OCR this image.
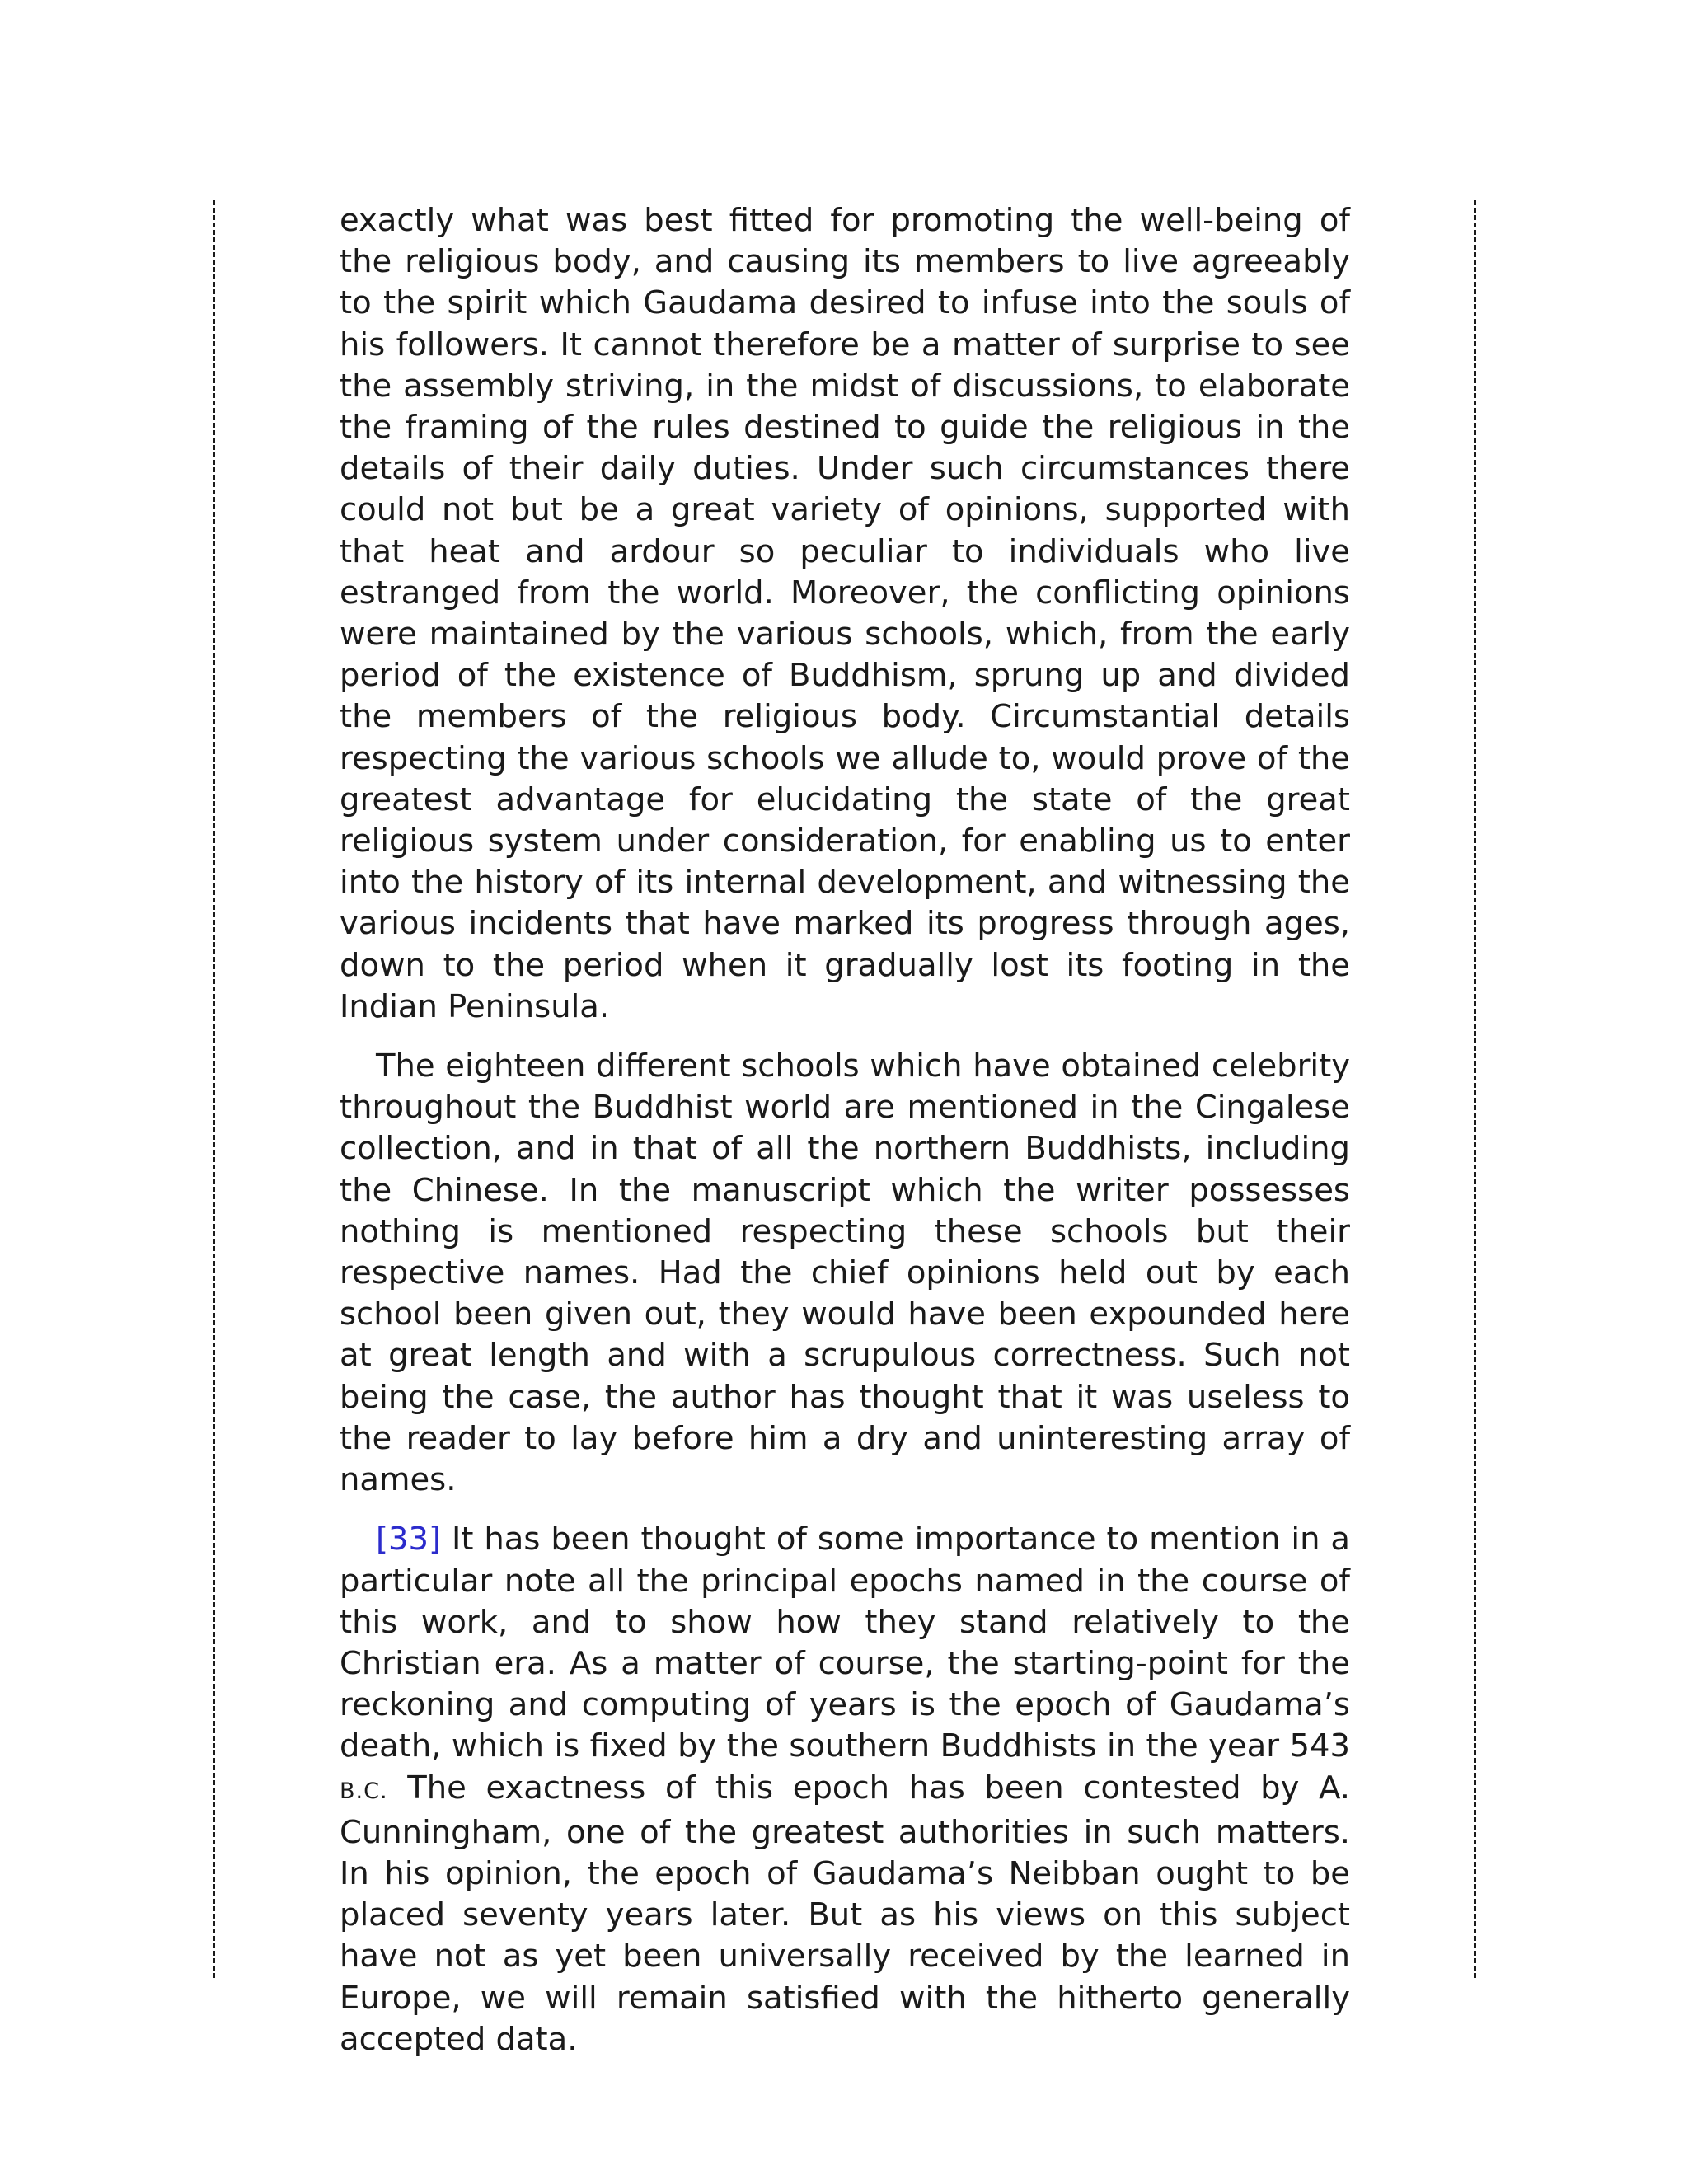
exactly what was best fitted for promoting the well-being of the religious body, and causing its members to live agreeably to the spirit which Gaudama desired to infuse into the souls of his followers. It cannot therefore be a matter of surprise to see the assembly striving, in the midst of discussions, to elaborate the framing of the rules destined to guide the religious in the details of their daily duties. Under such circumstances there could not but be a great variety of opinions, supported with that heat and ardour so peculiar to individuals who live estranged from the world. Moreover, the conflicting opinions were maintained by the various schools, which, from the early period of the existence of Buddhism, sprung up and divided the members of the religious body. Circumstantial details respecting the various schools we allude to, would prove of the greatest advantage for elucidating the state of the great religious system under consideration, for enabling us to enter into the history of its internal development, and witnessing the various incidents that have marked its progress through ages, down to the period when it gradually lost its footing in the Indian Peninsula.

The eighteen different schools which have obtained celebrity throughout the Buddhist world are mentioned in the Cingalese collection, and in that of all the northern Buddhists, including the Chinese. In the manuscript which the writer possesses nothing is mentioned respecting these schools but their respective names. Had the chief opinions held out by each school been given out, they would have been expounded here at great length and with a scrupulous correctness. Such not being the case, the author has thought that it was useless to the reader to lay before him a dry and uninteresting array of names.

[33] It has been thought of some importance to mention in a particular note all the principal epochs named in the course of this work, and to show how they stand relatively to the Christian era. As a matter of course, the starting-point for the reckoning and computing of years is the epoch of Gaudama’s death, which is fixed by the southern Buddhists in the year 543 B.C. The exactness of this epoch has been contested by A. Cunningham, one of the greatest authorities in such matters. In his opinion, the epoch of Gaudama’s Neibban ought to be placed seventy years later. But as his views on this subject have not as yet been universally received by the learned in Europe, we will remain satisfied with the hitherto generally accepted data.
